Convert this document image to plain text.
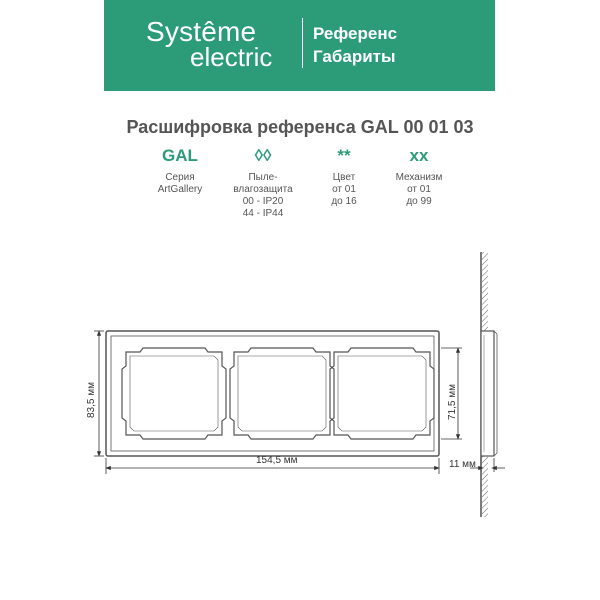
Systême
electric
Референс
Габариты
Расшифровка референса GAL 00 01 03
GAL
Серия
ArtGallery
◊◊
Пыле-
влагозащита
00 - IP20
44 - IP44
**
Цвет
от 01
до 16
xx
Механизм
от 01
до 99
154,5 мм
83,5 мм	71,5 мм
11 мм
